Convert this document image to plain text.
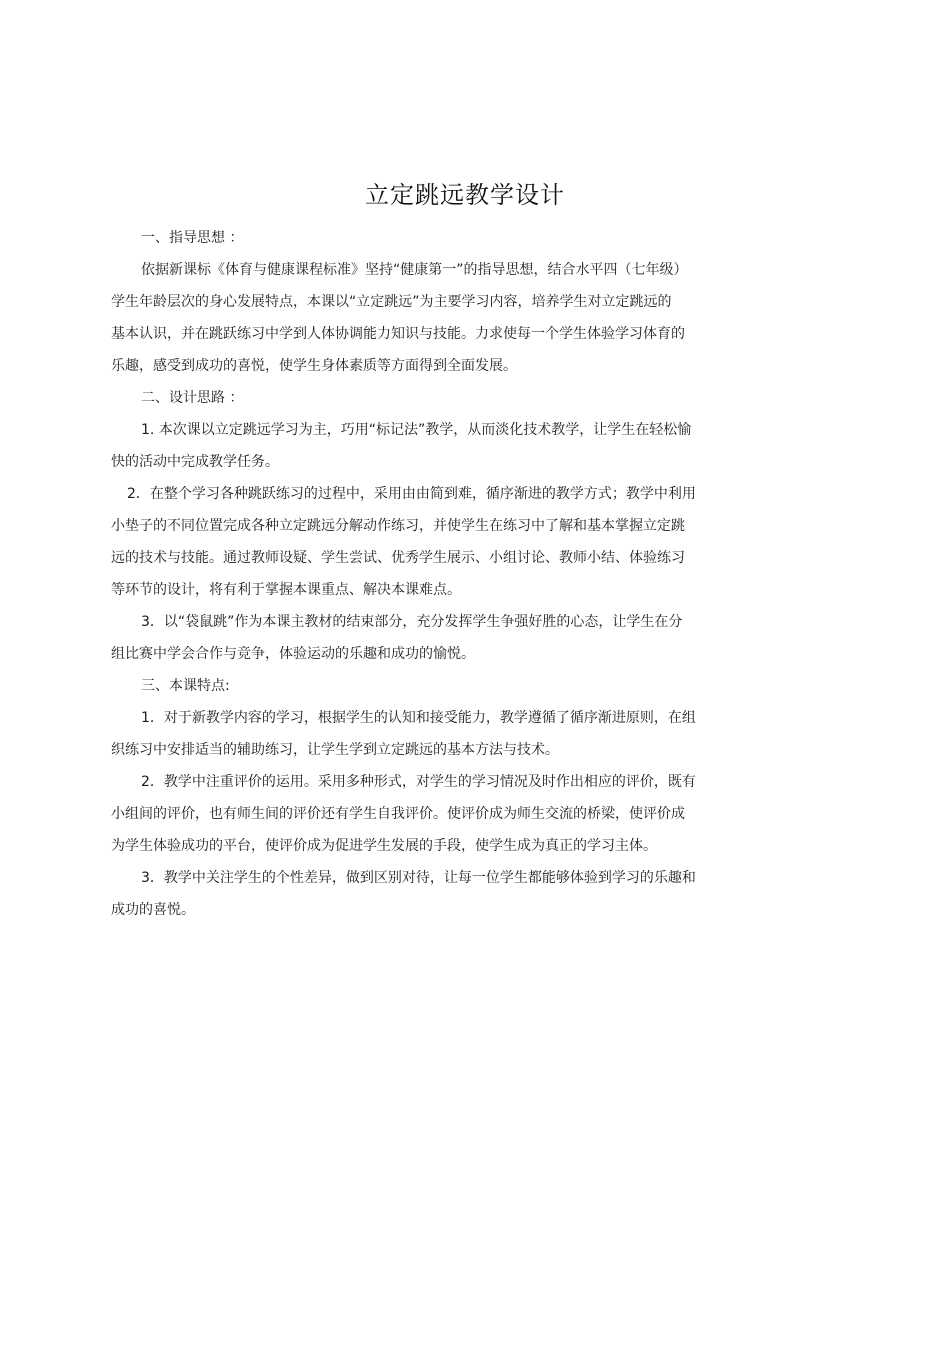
立定跳远教学设计
一、指导思想 ：
依据新课标《体育与健康课程标准》坚持“健康第一”的指导思想，结合水平四（七年级）
学生年龄层次的身心发展特点，本课以“立定跳远”为主要学习内容，培养学生对立定跳远的
基本认识，并在跳跃练习中学到人体协调能力知识与技能。力求使每一个学生体验学习体育的
乐趣，感受到成功的喜悦，使学生身体素质等方面得到全面发展。
二、设计思路 ：
1. 本次课以立定跳远学习为主，巧用“标记法”教学，从而淡化技术教学，让学生在轻松愉
快的活动中完成教学任务。
2．在整个学习各种跳跃练习的过程中，采用由由简到难，循序渐进的教学方式；教学中利用
小垫子的不同位置完成各种立定跳远分解动作练习，并使学生在练习中了解和基本掌握立定跳
远的技术与技能。通过教师设疑、学生尝试、优秀学生展示、小组讨论、教师小结、体验练习
等环节的设计，将有利于掌握本课重点、解决本课难点。
3．以“袋鼠跳”作为本课主教材的结束部分，充分发挥学生争强好胜的心态，让学生在分
组比赛中学会合作与竞争，体验运动的乐趣和成功的愉悦。
三、本课特点:
1．对于新教学内容的学习，根据学生的认知和接受能力，教学遵循了循序渐进原则，在组
织练习中安排适当的辅助练习，让学生学到立定跳远的基本方法与技术。
2．教学中注重评价的运用。采用多种形式，对学生的学习情况及时作出相应的评价，既有
小组间的评价，也有师生间的评价还有学生自我评价。使评价成为师生交流的桥梁，使评价成
为学生体验成功的平台，使评价成为促进学生发展的手段，使学生成为真正的学习主体。
3．教学中关注学生的个性差异，做到区别对待，让每一位学生都能够体验到学习的乐趣和
成功的喜悦。
